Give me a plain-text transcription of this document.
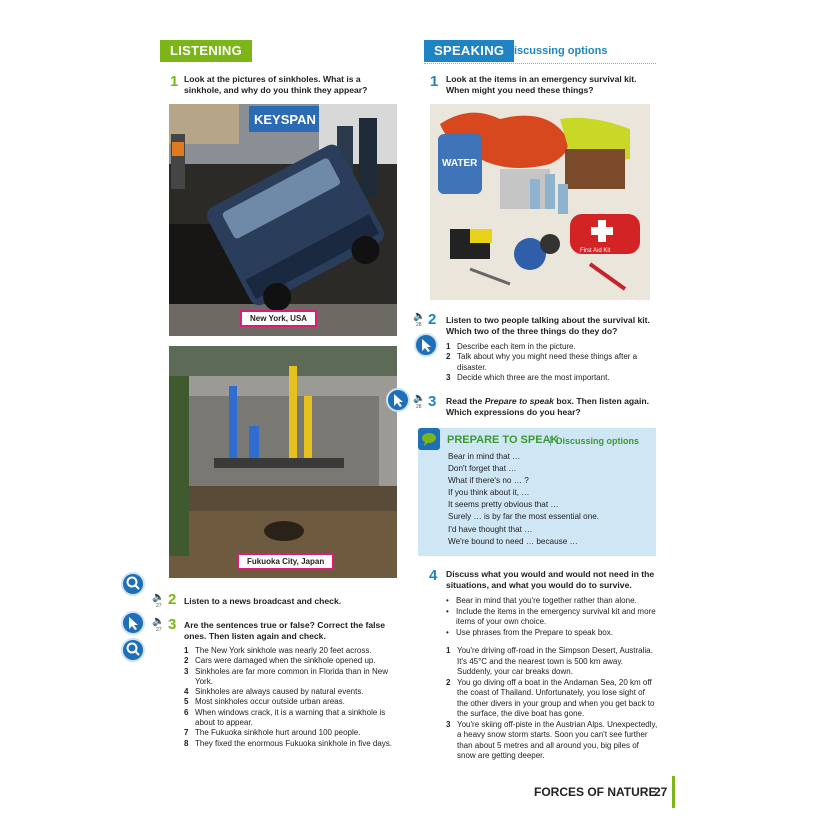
LISTENING
1 Look at the pictures of sinkholes. What is a sinkhole, and why do you think they appear?
KEYSPAN
New York, USA
Fukuoka City, Japan
🔈
27 2 Listen to a news broadcast and check.
🔈
27 3 Are the sentences true or false? Correct the false ones. Then listen again and check.
1 The New York sinkhole was nearly 20 feet across.
2 Cars were damaged when the sinkhole opened up.
3 Sinkholes are far more common in Florida than in New York.
4 Sinkholes are always caused by natural events.
5 Most sinkholes occur outside urban areas.
6 When windows crack, it is a warning that a sinkhole is about to appear.
7 The Fukuoka sinkhole hurt around 100 people.
8 They fixed the enormous Fukuoka sinkhole in five days.
SPEAKING Discussing options
1 Look at the items in an emergency survival kit. When might you need these things?
WATER
First Aid Kit
🔈
28 2 Listen to two people talking about the survival kit. Which two of the three things do they do?
1 Describe each item in the picture.
2 Talk about why you might need these things after a disaster.
3 Decide which three are the most important.
🔈
28 3 Read the Prepare to speak box. Then listen again. Which expressions do you hear?
PREPARE TO SPEAK
Discussing options
Bear in mind that …
Don't forget that …
What if there's no … ?
If you think about it, …
It seems pretty obvious that …
Surely … is by far the most essential one.
I'd have thought that …
We're bound to need … because …
4 Discuss what you would and would not need in the situations, and what you would do to survive.
• Bear in mind that you're together rather than alone.
• Include the items in the emergency survival kit and more items of your own choice.
• Use phrases from the Prepare to speak box.
1 You're driving off-road in the Simpson Desert, Australia. It's 45°C and the nearest town is 500 km away. Suddenly, your car breaks down.
2 You go diving off a boat in the Andaman Sea, 20 km off the coast of Thailand. Unfortunately, you lose sight of the other divers in your group and when you get back to the surface, the dive boat has gone.
3 You're skiing off-piste in the Austrian Alps. Unexpectedly, a heavy snow storm starts. Soon you can't see further than about 5 metres and all around you, big piles of snow are getting deeper.
FORCES OF NATURE
27
